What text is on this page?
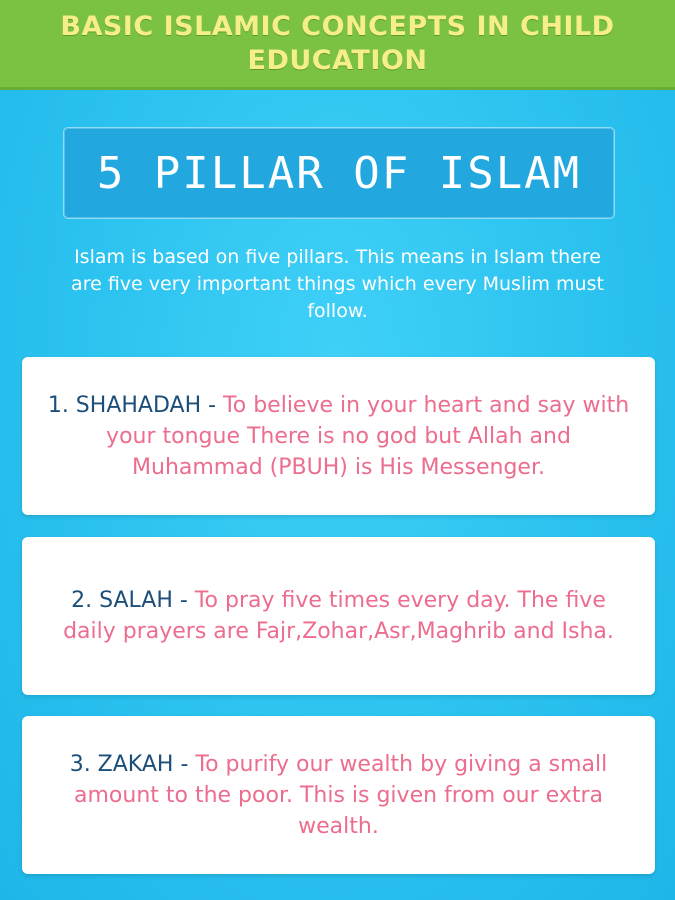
BASIC ISLAMIC CONCEPTS IN CHILD EDUCATION
5 PILLAR OF ISLAM

Islam is based on five pillars. This means in Islam there are five very important things which every Muslim must follow.

1. SHAHADAH - To believe in your heart and say with your tongue There is no god but Allah and Muhammad (PBUH) is His Messenger.

2. SALAH - To pray five times every day. The five daily prayers are Fajr,Zohar,Asr,Maghrib and Isha.

3. ZAKAH - To purify our wealth by giving a small amount to the poor. This is given from our extra wealth.
